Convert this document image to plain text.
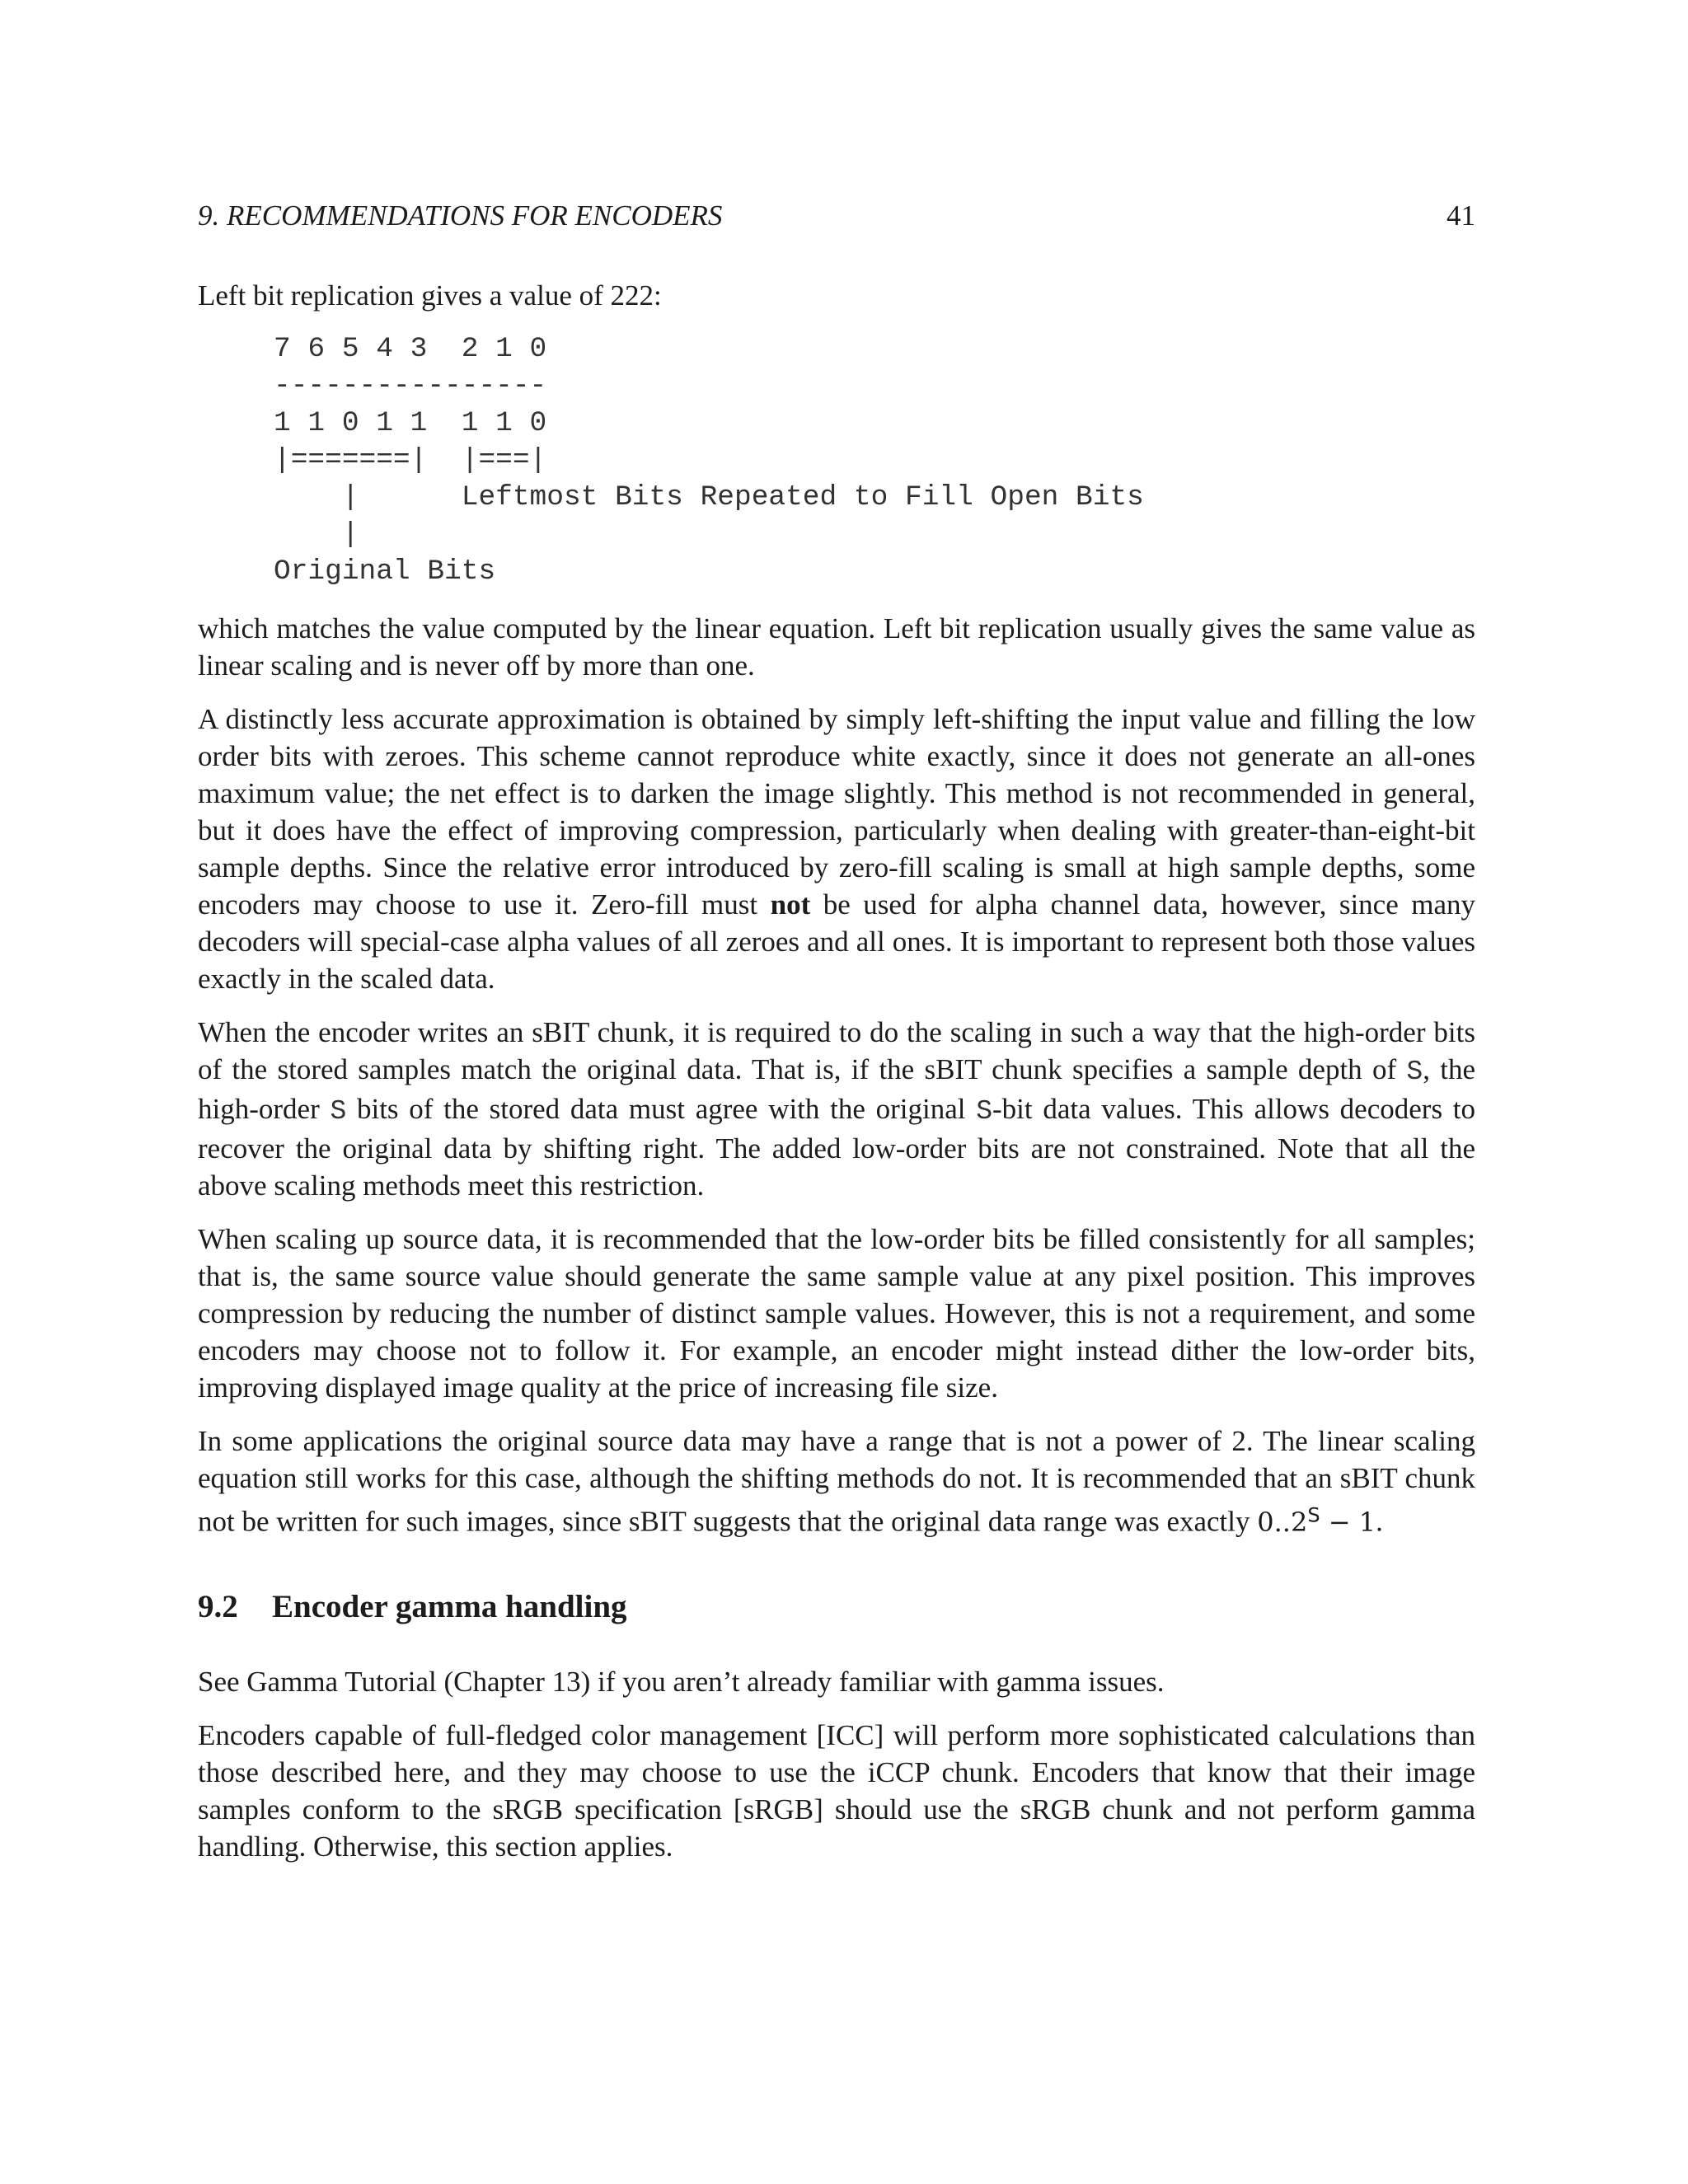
9. RECOMMENDATIONS FOR ENCODERS	41

Left bit replication gives a value of 222:

7 6 5 4 3  2 1 0
----------------
1 1 0 1 1  1 1 0
|=======|  |===|
|      Leftmost Bits Repeated to Fill Open Bits
|
Original Bits

which matches the value computed by the linear equation. Left bit replication usually gives the same value as linear scaling and is never off by more than one.

A distinctly less accurate approximation is obtained by simply left-shifting the input value and filling the low order bits with zeroes. This scheme cannot reproduce white exactly, since it does not generate an all-ones maximum value; the net effect is to darken the image slightly. This method is not recommended in general, but it does have the effect of improving compression, particularly when dealing with greater-than-eight-bit sample depths. Since the relative error introduced by zero-fill scaling is small at high sample depths, some encoders may choose to use it. Zero-fill must not be used for alpha channel data, however, since many decoders will special-case alpha values of all zeroes and all ones. It is important to represent both those values exactly in the scaled data.

When the encoder writes an sBIT chunk, it is required to do the scaling in such a way that the high-order bits of the stored samples match the original data. That is, if the sBIT chunk specifies a sample depth of S, the high-order S bits of the stored data must agree with the original S-bit data values. This allows decoders to recover the original data by shifting right. The added low-order bits are not constrained. Note that all the above scaling methods meet this restriction.

When scaling up source data, it is recommended that the low-order bits be filled consistently for all samples; that is, the same source value should generate the same sample value at any pixel position. This improves compression by reducing the number of distinct sample values. However, this is not a requirement, and some encoders may choose not to follow it. For example, an encoder might instead dither the low-order bits, improving displayed image quality at the price of increasing file size.

In some applications the original source data may have a range that is not a power of 2. The linear scaling equation still works for this case, although the shifting methods do not. It is recommended that an sBIT chunk not be written for such images, since sBIT suggests that the original data range was exactly $0..2^S - 1$.

9.2 Encoder gamma handling

See Gamma Tutorial (Chapter 13) if you aren’t already familiar with gamma issues.

Encoders capable of full-fledged color management [ICC] will perform more sophisticated calculations than those described here, and they may choose to use the iCCP chunk. Encoders that know that their image samples conform to the sRGB specification [sRGB] should use the sRGB chunk and not perform gamma handling. Otherwise, this section applies.
